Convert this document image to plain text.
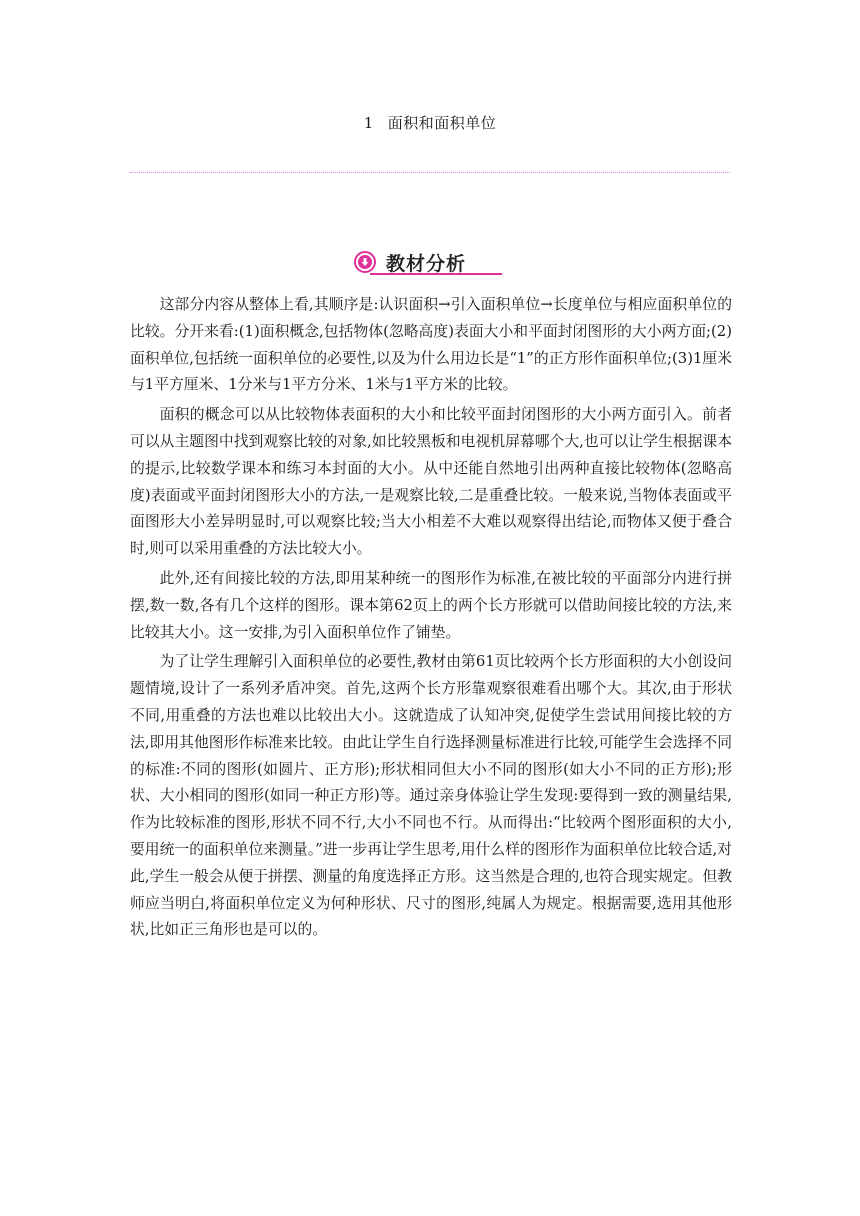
1 面积和面积单位
教材分析

这部分内容从整体上看,其顺序是:认识面积→引入面积单位→长度单位与相应面积单位的比较。分开来看:(1)面积概念,包括物体(忽略高度)表面大小和平面封闭图形的大小两方面;(2)面积单位,包括统一面积单位的必要性,以及为什么用边长是“1”的正方形作面积单位;(3)1厘米与1平方厘米、1分米与1平方分米、1米与1平方米的比较。

面积的概念可以从比较物体表面积的大小和比较平面封闭图形的大小两方面引入。前者可以从主题图中找到观察比较的对象,如比较黑板和电视机屏幕哪个大,也可以让学生根据课本的提示,比较数学课本和练习本封面的大小。从中还能自然地引出两种直接比较物体(忽略高度)表面或平面封闭图形大小的方法,一是观察比较,二是重叠比较。一般来说,当物体表面或平面图形大小差异明显时,可以观察比较;当大小相差不大难以观察得出结论,而物体又便于叠合时,则可以采用重叠的方法比较大小。

此外,还有间接比较的方法,即用某种统一的图形作为标准,在被比较的平面部分内进行拼摆,数一数,各有几个这样的图形。课本第62页上的两个长方形就可以借助间接比较的方法,来比较其大小。这一安排,为引入面积单位作了铺垫。

为了让学生理解引入面积单位的必要性,教材由第61页比较两个长方形面积的大小创设问题情境,设计了一系列矛盾冲突。首先,这两个长方形靠观察很难看出哪个大。其次,由于形状不同,用重叠的方法也难以比较出大小。这就造成了认知冲突,促使学生尝试用间接比较的方法,即用其他图形作标准来比较。由此让学生自行选择测量标准进行比较,可能学生会选择不同的标准:不同的图形(如圆片、正方形);形状相同但大小不同的图形(如大小不同的正方形);形状、大小相同的图形(如同一种正方形)等。通过亲身体验让学生发现:要得到一致的测量结果,作为比较标准的图形,形状不同不行,大小不同也不行。从而得出:“比较两个图形面积的大小,要用统一的面积单位来测量。”进一步再让学生思考,用什么样的图形作为面积单位比较合适,对此,学生一般会从便于拼摆、测量的角度选择正方形。这当然是合理的,也符合现实规定。但教师应当明白,将面积单位定义为何种形状、尺寸的图形,纯属人为规定。根据需要,选用其他形状,比如正三角形也是可以的。
